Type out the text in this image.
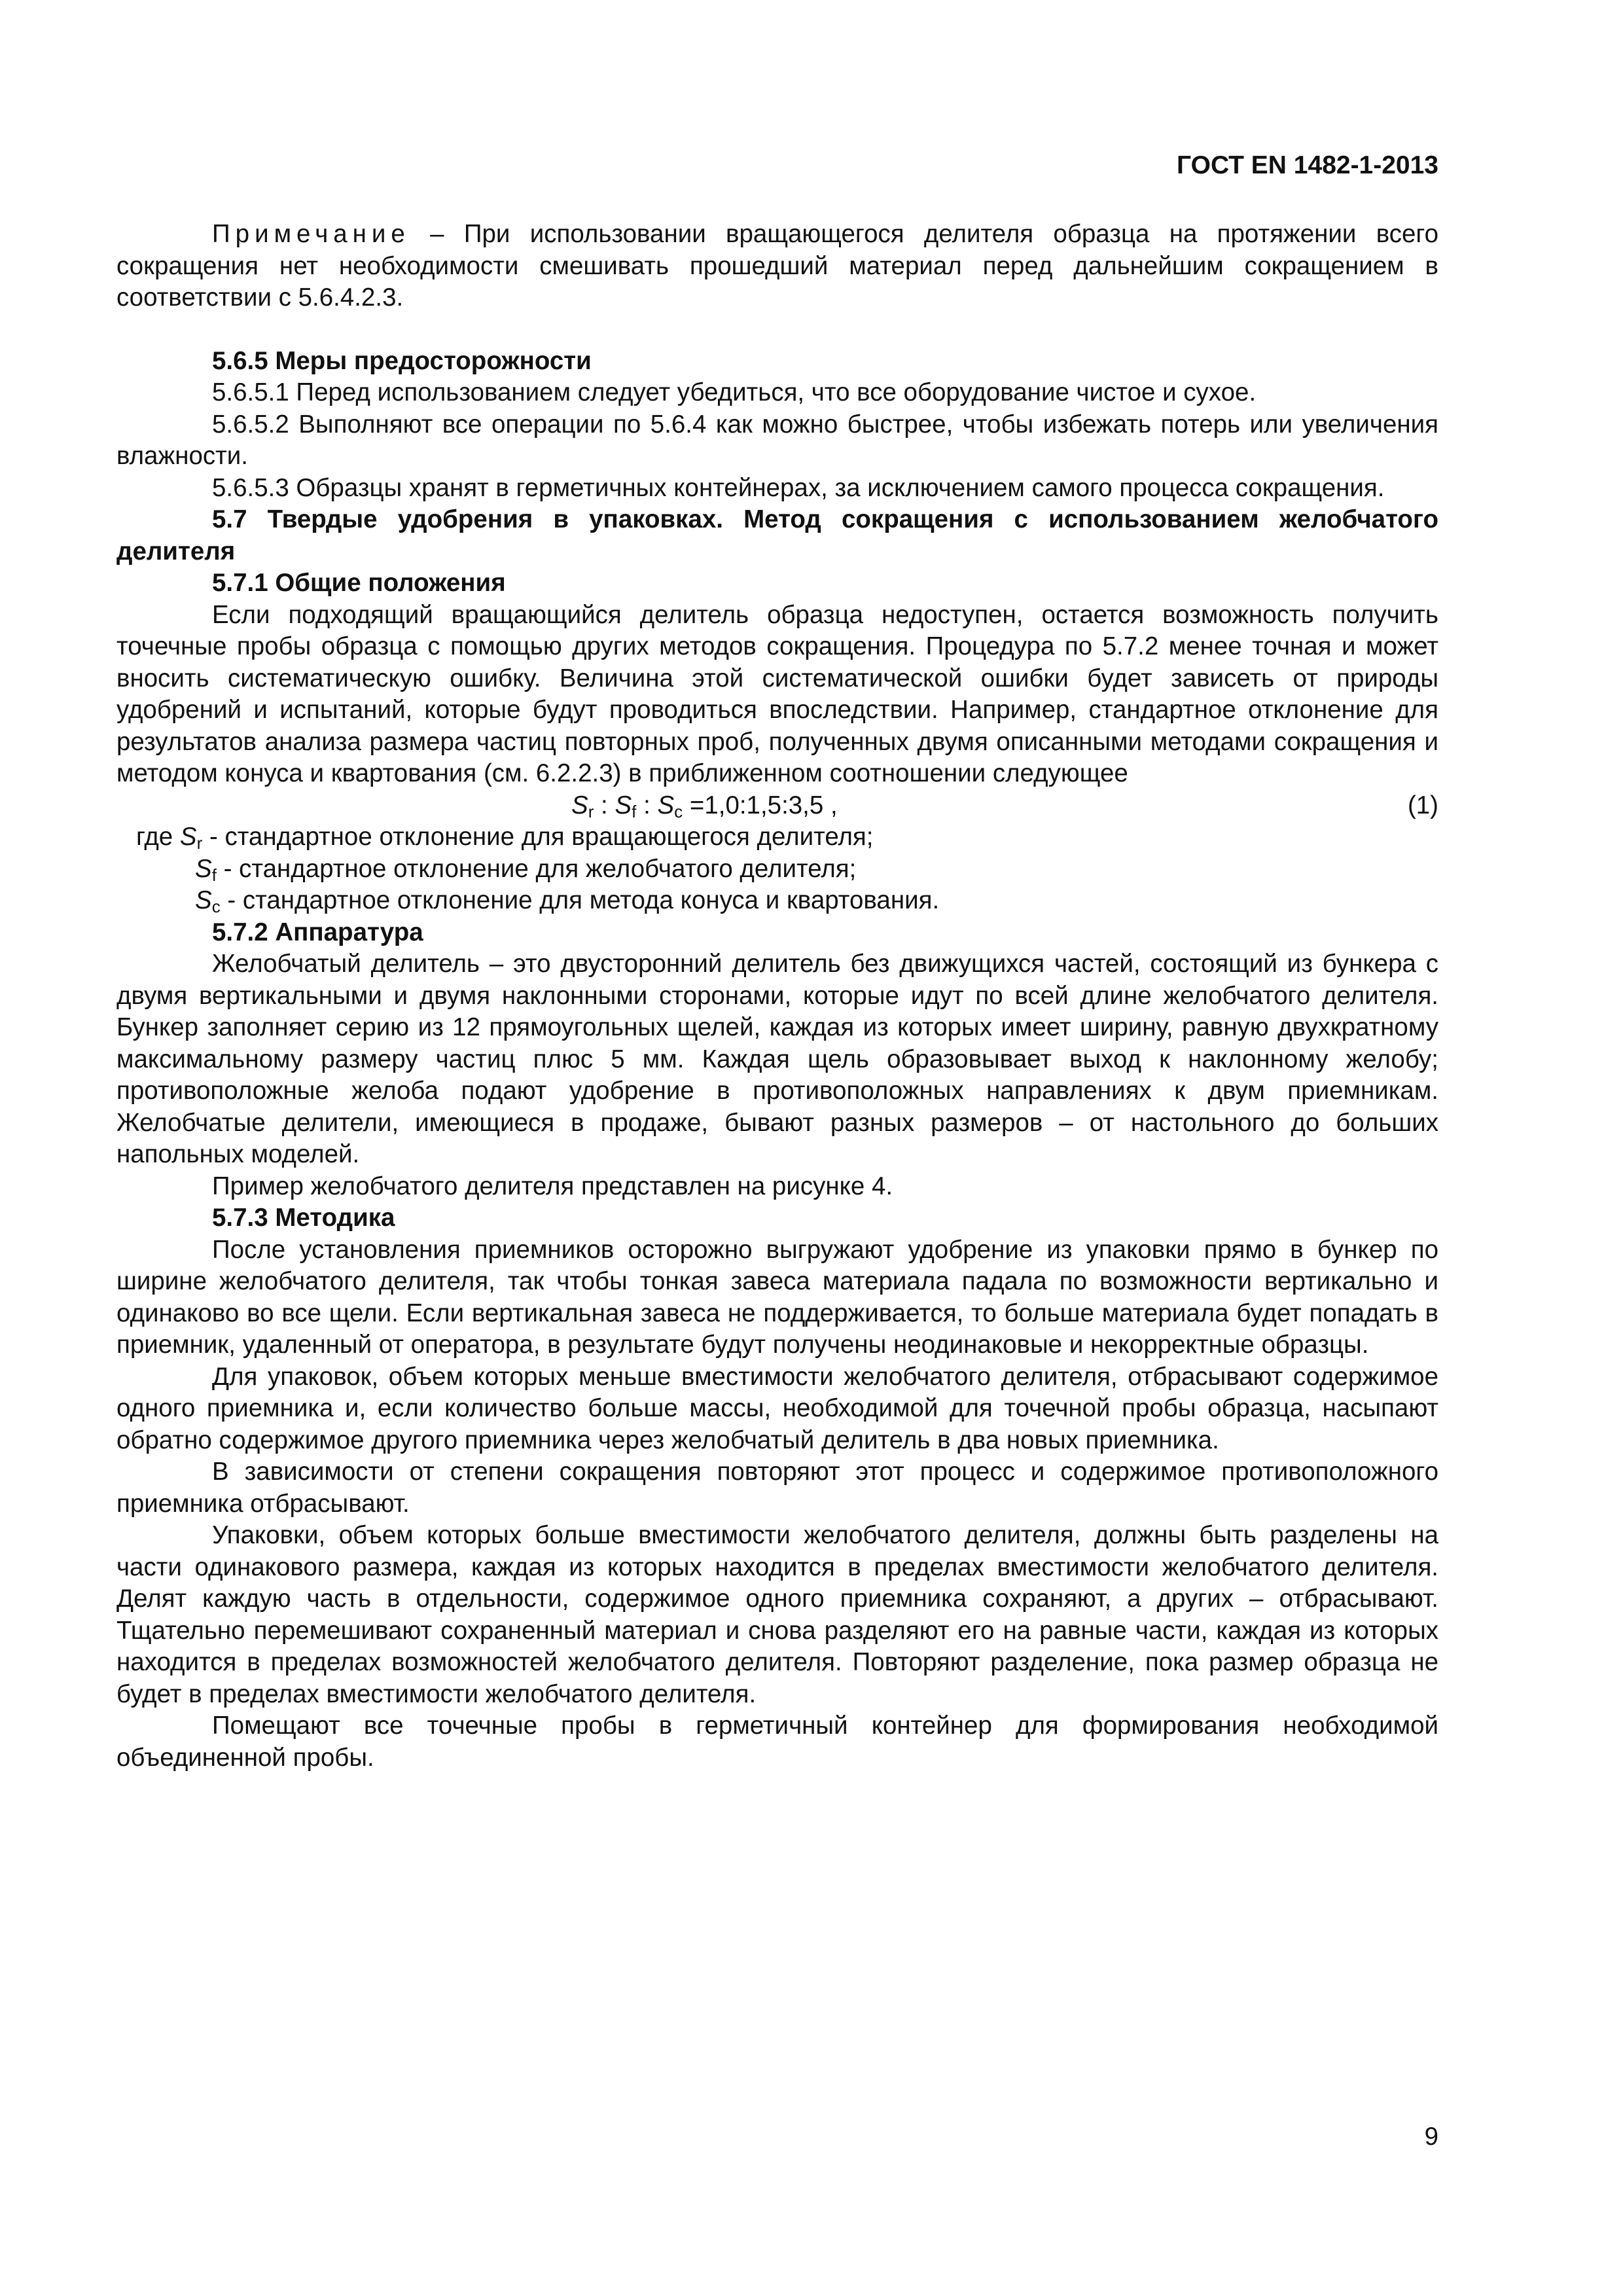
ГОСТ EN 1482-1-2013

Примечание – При использовании вращающегося делителя образца на протяжении всего сокращения нет необходимости смешивать прошедший материал перед дальнейшим сокращением в соответствии с 5.6.4.2.3.

5.6.5 Меры предосторожности

5.6.5.1 Перед использованием следует убедиться, что все оборудование чистое и сухое.

5.6.5.2 Выполняют все операции по 5.6.4 как можно быстрее, чтобы избежать потерь или увеличения влажности.

5.6.5.3 Образцы хранят в герметичных контейнерах, за исключением самого процесса сокращения.

5.7 Твердые удобрения в упаковках. Метод сокращения с использованием желобчатого делителя

5.7.1 Общие положения

Если подходящий вращающийся делитель образца недоступен, остается возможность получить точечные пробы образца с помощью других методов сокращения. Процедура по 5.7.2 менее точная и может вносить систематическую ошибку. Величина этой систематической ошибки будет зависеть от природы удобрений и испытаний, которые будут проводиться впоследствии. Например, стандартное отклонение для результатов анализа размера частиц повторных проб, полученных двумя описанными методами сокращения и методом конуса и квартования (см. 6.2.2.3) в приближенном соотношении следующее

$S_r$ : $S_f$ : $S_c$ =1,0:1,5:3,5 ,	(1)
где $S_r$ - стандартное отклонение для вращающегося делителя;
$S_f$ - стандартное отклонение для желобчатого делителя;
$S_c$ - стандартное отклонение для метода конуса и квартования.

5.7.2 Аппаратура

Желобчатый делитель – это двусторонний делитель без движущихся частей, состоящий из бункера с двумя вертикальными и двумя наклонными сторонами, которые идут по всей длине желобчатого делителя. Бункер заполняет серию из 12 прямоугольных щелей, каждая из которых имеет ширину, равную двухкратному максимальному размеру частиц плюс 5 мм. Каждая щель образовывает выход к наклонному желобу; противоположные желоба подают удобрение в противоположных направлениях к двум приемникам. Желобчатые делители, имеющиеся в продаже, бывают разных размеров – от настольного до больших напольных моделей.

Пример желобчатого делителя представлен на рисунке 4.

5.7.3 Методика

После установления приемников осторожно выгружают удобрение из упаковки прямо в бункер по ширине желобчатого делителя, так чтобы тонкая завеса материала падала по возможности вертикально и одинаково во все щели. Если вертикальная завеса не поддерживается, то больше материала будет попадать в приемник, удаленный от оператора, в результате будут получены неодинаковые и некорректные образцы.

Для упаковок, объем которых меньше вместимости желобчатого делителя, отбрасывают содержимое одного приемника и, если количество больше массы, необходимой для точечной пробы образца, насыпают обратно содержимое другого приемника через желобчатый делитель в два новых приемника.

В зависимости от степени сокращения повторяют этот процесс и содержимое противоположного приемника отбрасывают.

Упаковки, объем которых больше вместимости желобчатого делителя, должны быть разделены на части одинакового размера, каждая из которых находится в пределах вместимости желобчатого делителя. Делят каждую часть в отдельности, содержимое одного приемника сохраняют, а других – отбрасывают. Тщательно перемешивают сохраненный материал и снова разделяют его на равные части, каждая из которых находится в пределах возможностей желобчатого делителя. Повторяют разделение, пока размер образца не будет в пределах вместимости желобчатого делителя.

Помещают все точечные пробы в герметичный контейнер для формирования необходимой объединенной пробы.

9
